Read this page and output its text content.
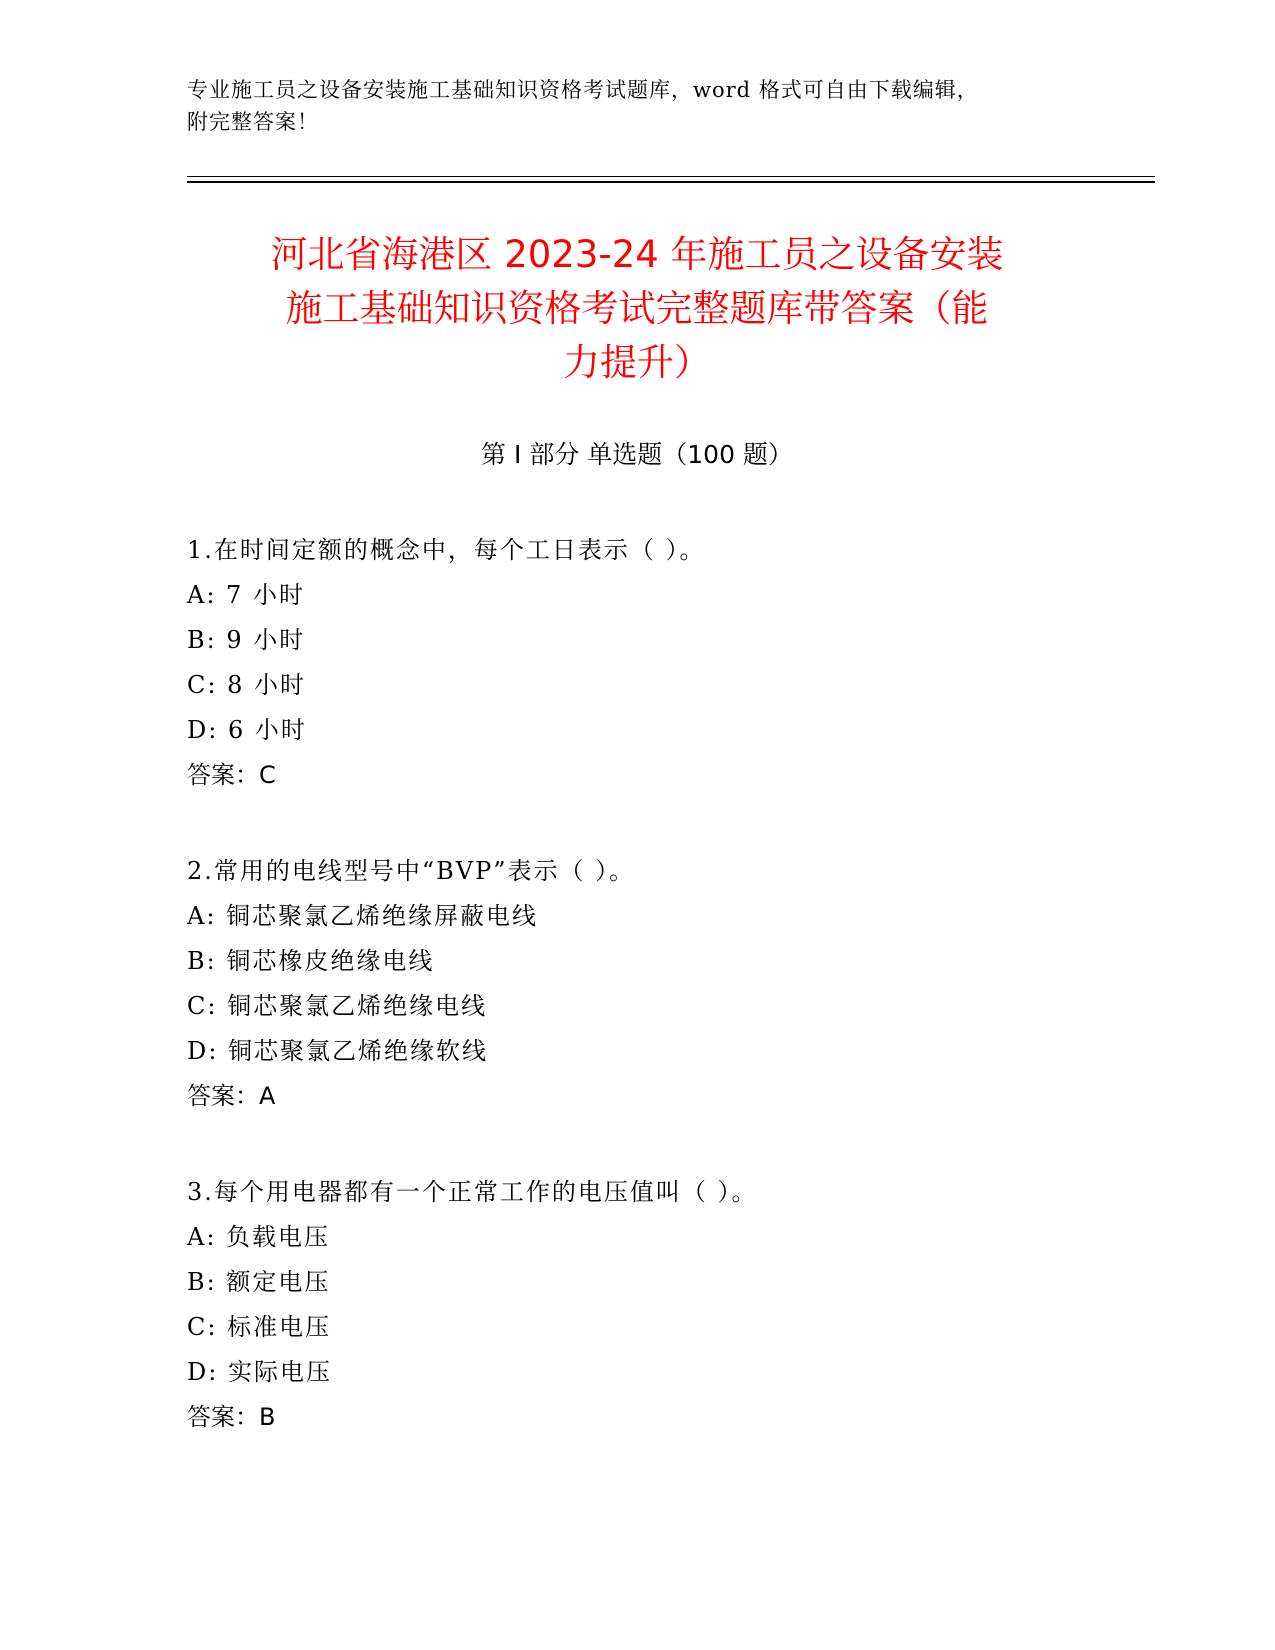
专业施工员之设备安装施工基础知识资格考试题库，word 格式可自由下载编辑，
附完整答案！
河北省海港区 2023-24 年施工员之设备安装
施工基础知识资格考试完整题库带答案（能
力提升）
第 I 部分 单选题（100 题）
1.在时间定额的概念中，每个工日表示（ ）。
A: 7 小时
B: 9 小时
C: 8 小时
D: 6 小时
答案：C
2.常用的电线型号中“BVP”表示（ ）。
A: 铜芯聚氯乙烯绝缘屏蔽电线
B: 铜芯橡皮绝缘电线
C: 铜芯聚氯乙烯绝缘电线
D: 铜芯聚氯乙烯绝缘软线
答案：A
3.每个用电器都有一个正常工作的电压值叫（ ）。
A: 负载电压
B: 额定电压
C: 标准电压
D: 实际电压
答案：B
